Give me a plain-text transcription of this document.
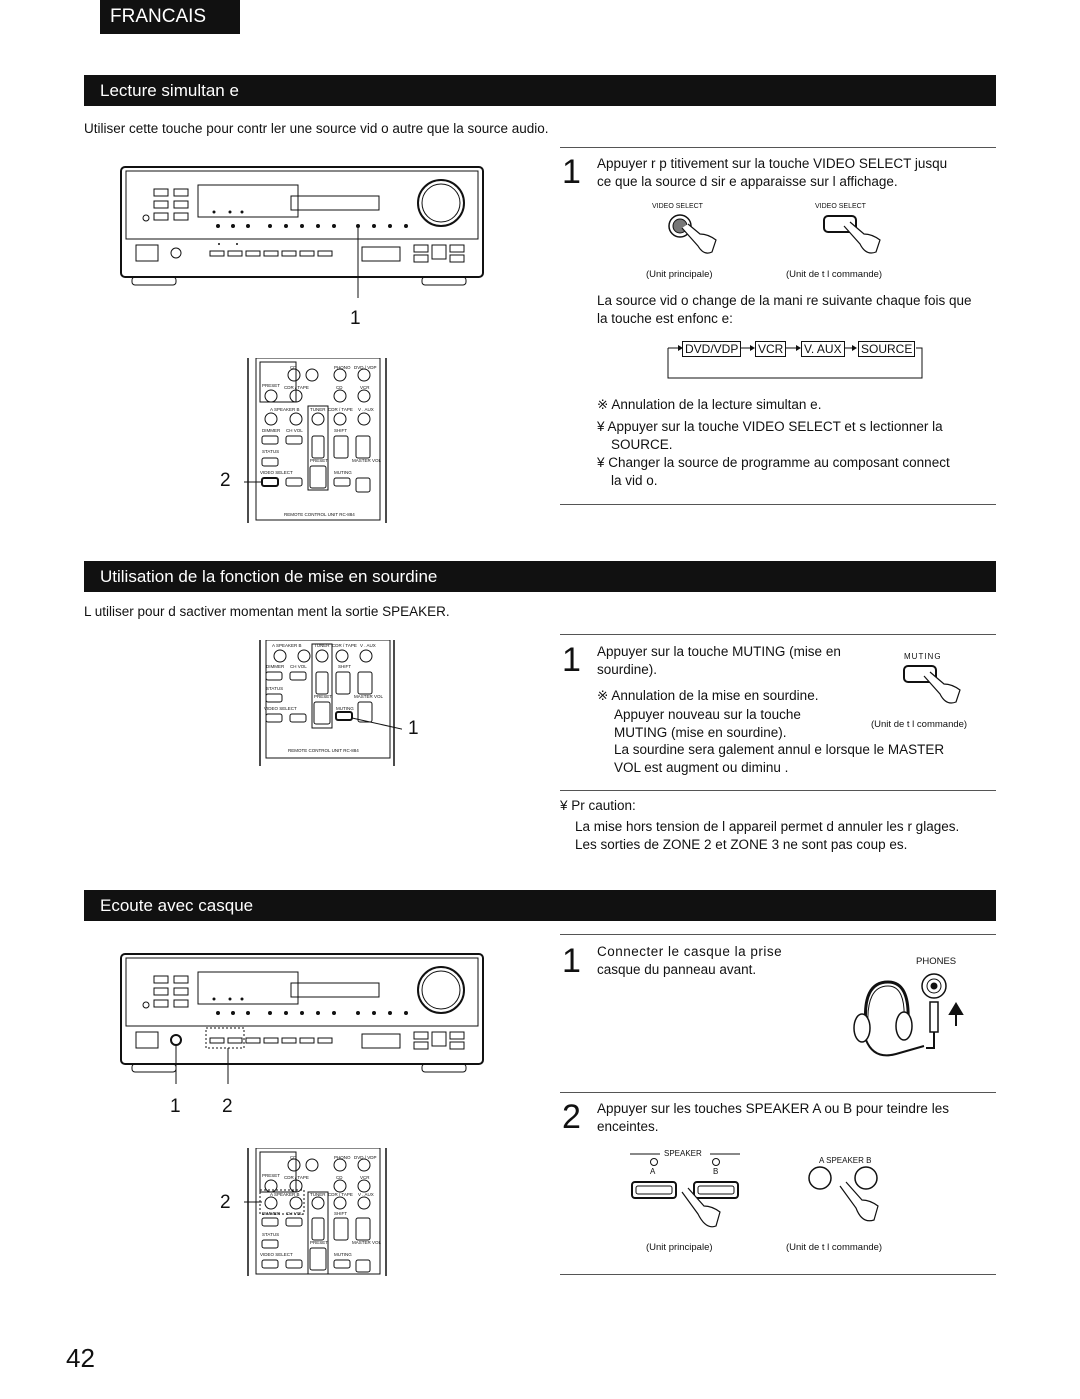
FRANCAIS
Lecture simultan e
Utiliser cette touche pour contr ler une source vid o autre que la source audio.
1
CD	PHONO DVD / VDP
PRESET CDR / TAPE	CD	VCR
A SPEAKER B TUNER CDR / TAPE V . AUX
DIMMER CH VOL	SHIFT
STATUS
PRESET	MASTER VOL
VIDEO SELECT	MUTING
REMOTE CONTROL UNIT RC-884
2
1 Appuyer r p titivement sur la touche VIDEO SELECT jusqu
ce que la source d sir e apparaisse sur l affichage.
VIDEO SELECT	VIDEO SELECT
(Unit principale)	(Unit de t l commande)
La source vid o change de la mani re suivante chaque fois que
la touche est enfonc e:
DVD/VDP VCR V. AUX SOURCE
※ Annulation de la lecture simultan e.
¥ Appuyer sur la touche VIDEO SELECT et s lectionner la
SOURCE.
¥ Changer la source de programme au composant connect
la vid o.
Utilisation de la fonction de mise en sourdine
L utiliser pour d sactiver momentan ment la sortie SPEAKER.
A SPEAKER B	TUNER CDR / TAPE V . AUX
DIMMER CH VOL	SHIFT
STATUS
PRESET	MASTER VOL
VIDEO SELECT	MUTING
REMOTE CONTROL UNIT RC-884
1
1 Appuyer sur la touche MUTING (mise en
sourdine).
MUTING
(Unit de t l commande)
※ Annulation de la mise en sourdine.
Appuyer nouveau sur la touche
MUTING (mise en sourdine).
La sourdine sera galement annul e lorsque le MASTER
VOL est augment ou diminu .
¥ Pr caution:
La mise hors tension de l appareil permet d annuler les r glages.
Les sorties de ZONE 2 et ZONE 3 ne sont pas coup es.
Ecoute avec casque
1 2
CD	PHONO DVD / VDP
PRESET CDR / TAPE	CD	VCR
A SPEAKER B TUNER CDR / TAPE V . AUX
DIMMER CH VOL	SHIFT
STATUS
PRESET	MASTER VOL
VIDEO SELECT	MUTING
2
1 Connecter le casque la prise
casque du panneau avant.
PHONES
2 Appuyer sur les touches SPEAKER A ou B pour teindre les
enceintes.
SPEAKER
A	B
A SPEAKER B
(Unit principale)	(Unit de t l commande)
42
